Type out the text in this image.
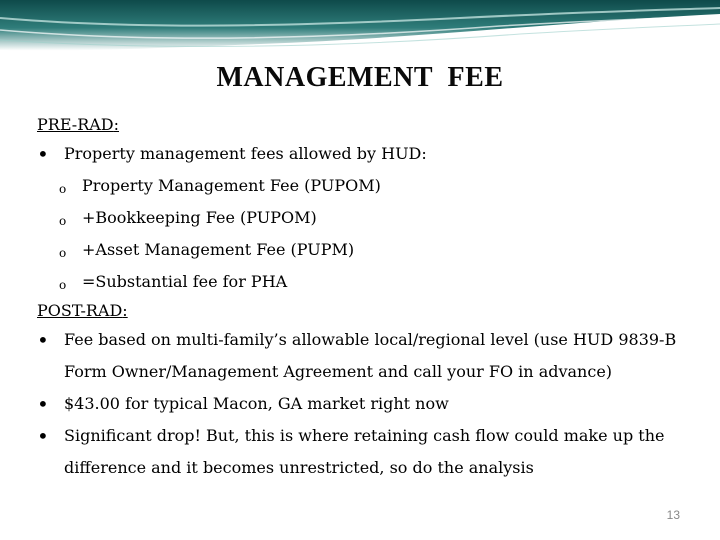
MANAGEMENT  FEE
PRE-RAD:
• Property management fees allowed by HUD:
o Property Management Fee (PUPOM)
o +Bookkeeping Fee (PUPOM)
o +Asset Management Fee (PUPM)
o =Substantial fee for PHA
POST-RAD:
• Fee based on multi-family’s allowable local/regional level (use HUD 9839-B Form Owner/Management Agreement and call your FO in advance)
• $43.00 for typical Macon, GA market right now
• Significant drop! But, this is where retaining cash flow could make up the difference and it becomes unrestricted, so do the analysis
13
